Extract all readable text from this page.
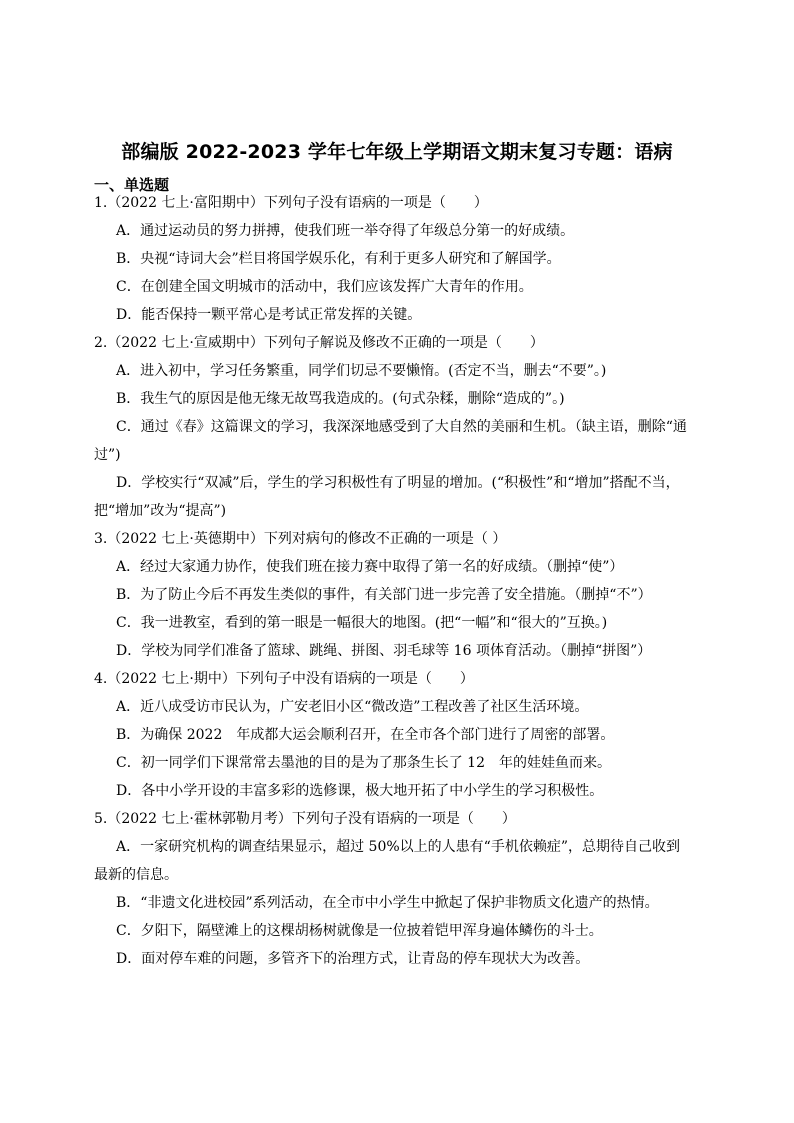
部编版 2022-2023 学年七年级上学期语文期末复习专题：语病
一、单选题
1.（2022 七上·富阳期中）下列句子没有语病的一项是（　　）
A．通过运动员的努力拼搏，使我们班一举夺得了年级总分第一的好成绩。
B．央视“诗词大会”栏目将国学娱乐化，有利于更多人研究和了解国学。
C．在创建全国文明城市的活动中，我们应该发挥广大青年的作用。
D．能否保持一颗平常心是考试正常发挥的关键。
2.（2022 七上·宣威期中）下列句子解说及修改不正确的一项是（　　）
A．进入初中，学习任务繁重，同学们切忌不要懒惰。(否定不当，删去“不要”。)
B．我生气的原因是他无缘无故骂我造成的。(句式杂糅，删除“造成的”。)
C．通过《春》这篇课文的学习，我深深地感受到了大自然的美丽和生机。（缺主语，删除“通
过”)
D．学校实行“双减”后，学生的学习积极性有了明显的增加。(“积极性”和“增加”搭配不当，
把“增加”改为“提高”)
3.（2022 七上·英德期中）下列对病句的修改不正确的一项是（ ）
A．经过大家通力协作，使我们班在接力赛中取得了第一名的好成绩。（删掉“使”）
B．为了防止今后不再发生类似的事件，有关部门进一步完善了安全措施。（删掉“不”）
C．我一进教室，看到的第一眼是一幅很大的地图。(把“一幅”和“很大的”互换。)
D．学校为同学们准备了篮球、跳绳、拼图、羽毛球等 16 项体育活动。（删掉“拼图”）
4.（2022 七上·期中）下列句子中没有语病的一项是（　　）
A．近八成受访市民认为，广安老旧小区“微改造”工程改善了社区生活环境。
B．为确保 2022　年成都大运会顺利召开，在全市各个部门进行了周密的部署。
C．初一同学们下课常常去墨池的目的是为了那条生长了 12　年的娃娃鱼而来。
D．各中小学开设的丰富多彩的选修课，极大地开拓了中小学生的学习积极性。
5.（2022 七上·霍林郭勒月考）下列句子没有语病的一项是（　　）
A．一家研究机构的调查结果显示，超过 50%以上的人患有“手机依赖症”，总期待自己收到
最新的信息。
B．“非遗文化进校园”系列活动，在全市中小学生中掀起了保护非物质文化遗产的热情。
C．夕阳下，隔壁滩上的这棵胡杨树就像是一位披着铠甲浑身遍体鳞伤的斗士。
D．面对停车难的问题，多管齐下的治理方式，让青岛的停车现状大为改善。
